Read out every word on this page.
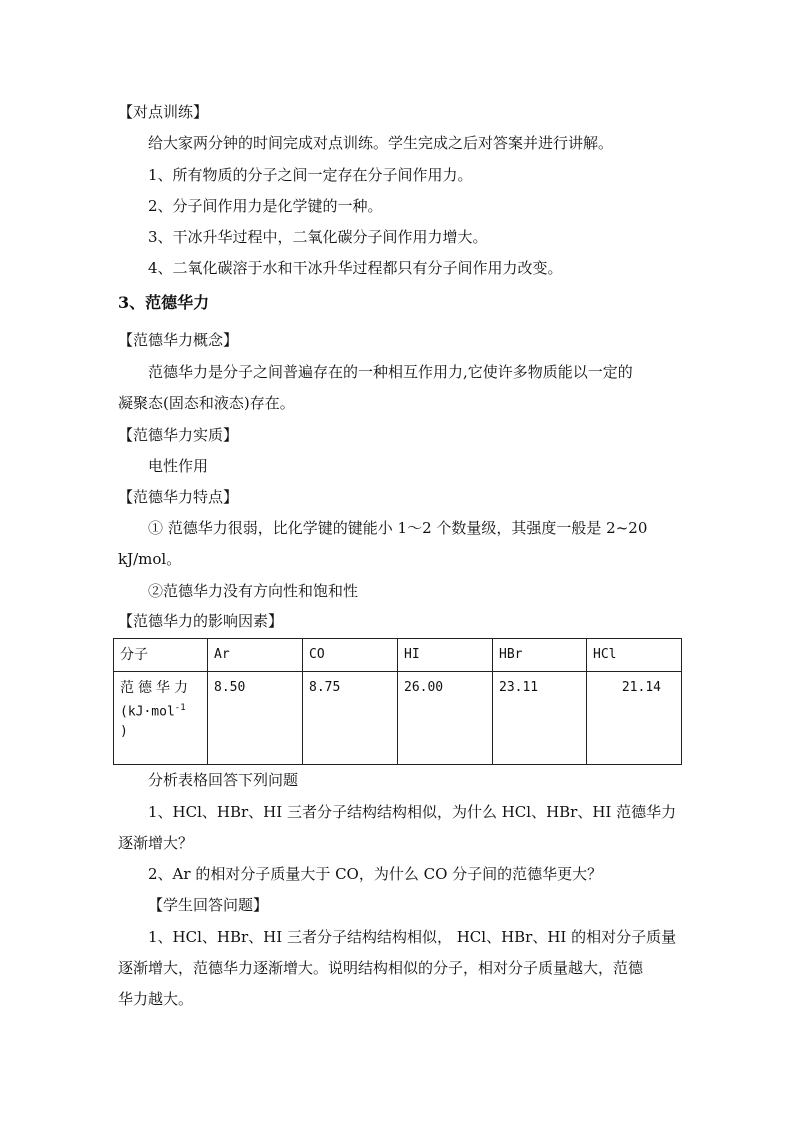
【对点训练】
给大家两分钟的时间完成对点训练。学生完成之后对答案并进行讲解。
1、所有物质的分子之间一定存在分子间作用力。
2、分子间作用力是化学键的一种。
3、干冰升华过程中，二氧化碳分子间作用力增大。
4、二氧化碳溶于水和干冰升华过程都只有分子间作用力改变。
3、范德华力
【范德华力概念】
范德华力是分子之间普遍存在的一种相互作用力,它使许多物质能以一定的
凝聚态(固态和液态)存在。
【范德华力实质】
电性作用
【范德华力特点】
① 范德华力很弱，比化学键的键能小 1～2 个数量级，其强度一般是 2~20
kJ/mol。
②范德华力没有方向性和饱和性
【范德华力的影响因素】
分子	Ar	CO	HI	HBr	HCl

范德华力
(kJ·mol$^{-1}$
)	8.50	8.75	26.00	23.11	21.14
分析表格回答下列问题
1、HCl、HBr、HI 三者分子结构结构相似，为什么 HCl、HBr、HI 范德华力
逐渐增大？
2、Ar 的相对分子质量大于 CO，为什么 CO 分子间的范德华更大？
【学生回答问题】
1、HCl、HBr、HI 三者分子结构结构相似， HCl、HBr、HI 的相对分子质量
逐渐增大，范德华力逐渐增大。说明结构相似的分子，相对分子质量越大，范德
华力越大。
